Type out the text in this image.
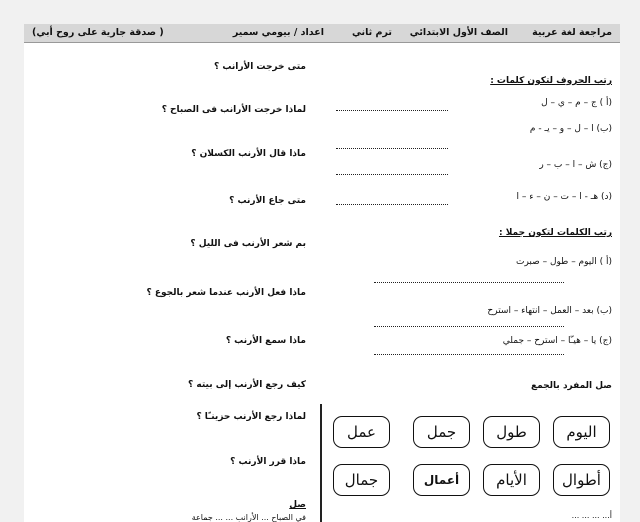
مراجعة لغة عربية
الصف الأول الابتدائي
ترم ثاني
اعداد / بيومي سمير
( صدقة جارية على روح أبي)
متى خرجت الأرانب ؟
لماذا خرجت الأرانب فى الصباح ؟
ماذا قال الأرنب الكسلان ؟
متى جاع الأرنب ؟
بم شعر الأرنب فى الليل ؟
ماذا فعل الأرنب عندما شعر بالجوع ؟
ماذا سمع الأرنب ؟
كيف رجع الأرنب إلى بيته ؟
لماذا رجع الأرنب حزينـًا ؟
ماذا قرر الأرنب ؟
صل
في الصباح ... الأرانب ... ... جماعة
رتب الحروف لتكون كلمات :
(أ ) ج – م – ي – ل
(ب) ا – ل – و – يـ - م
(ج) ش – ا – ب – ر
(د) هـ - ا – ت – ن – ء – ا
رتب الكلمات لتكون جملا :
(أ ) اليوم – طول – صبرت
(ب) بعد – العمل – انتهاء – استرح
(ج) يا – هيـّا – استرح – جملي
صل المفرد بالجمع
اليوم
طول
جمل
عمل
أطوال
الأيام
أعمال
جمال
أ... ... ... ...
